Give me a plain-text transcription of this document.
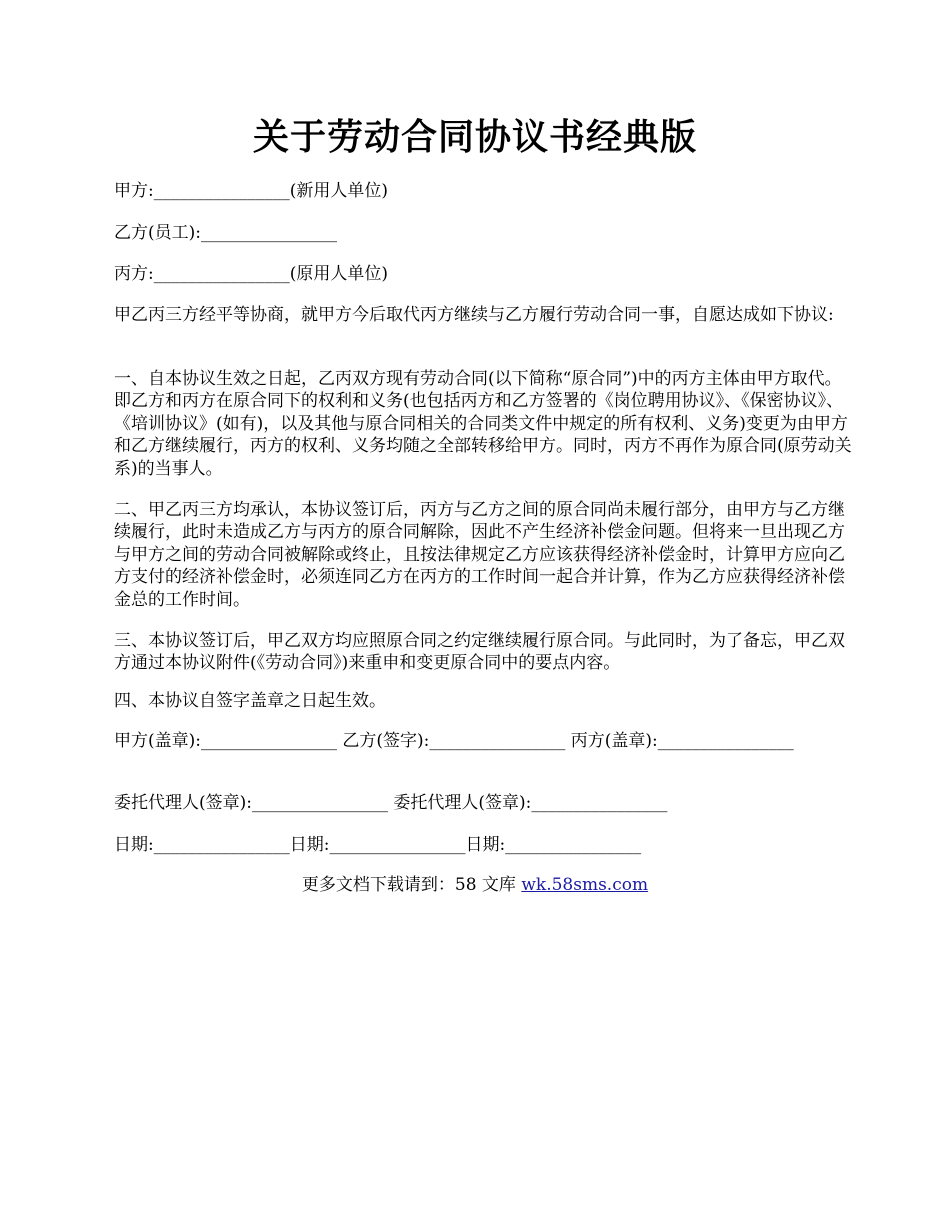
关于劳动合同协议书经典版
甲方:________________(新用人单位)
乙方(员工):________________
丙方:________________(原用人单位)
甲乙丙三方经平等协商，就甲方今后取代丙方继续与乙方履行劳动合同一事，自愿达成如下协议:
一、自本协议生效之日起，乙丙双方现有劳动合同(以下简称“原合同”)中的丙方主体由甲方取代。即乙方和丙方在原合同下的权利和义务(也包括丙方和乙方签署的《岗位聘用协议》、《保密协议》、《培训协议》(如有)，以及其他与原合同相关的合同类文件中规定的所有权利、义务)变更为由甲方和乙方继续履行，丙方的权利、义务均随之全部转移给甲方。同时，丙方不再作为原合同(原劳动关系)的当事人。
二、甲乙丙三方均承认，本协议签订后，丙方与乙方之间的原合同尚未履行部分，由甲方与乙方继续履行，此时未造成乙方与丙方的原合同解除，因此不产生经济补偿金问题。但将来一旦出现乙方与甲方之间的劳动合同被解除或终止，且按法律规定乙方应该获得经济补偿金时，计算甲方应向乙方支付的经济补偿金时，必须连同乙方在丙方的工作时间一起合并计算，作为乙方应获得经济补偿金总的工作时间。
三、本协议签订后，甲乙双方均应照原合同之约定继续履行原合同。与此同时，为了备忘，甲乙双方通过本协议附件(《劳动合同》)来重申和变更原合同中的要点内容。
四、本协议自签字盖章之日起生效。
甲方(盖章):________________ 乙方(签字):________________ 丙方(盖章):________________
委托代理人(签章):________________ 委托代理人(签章):________________
日期:________________日期:________________日期:________________
更多文档下载请到：58 文库 wk.58sms.com
